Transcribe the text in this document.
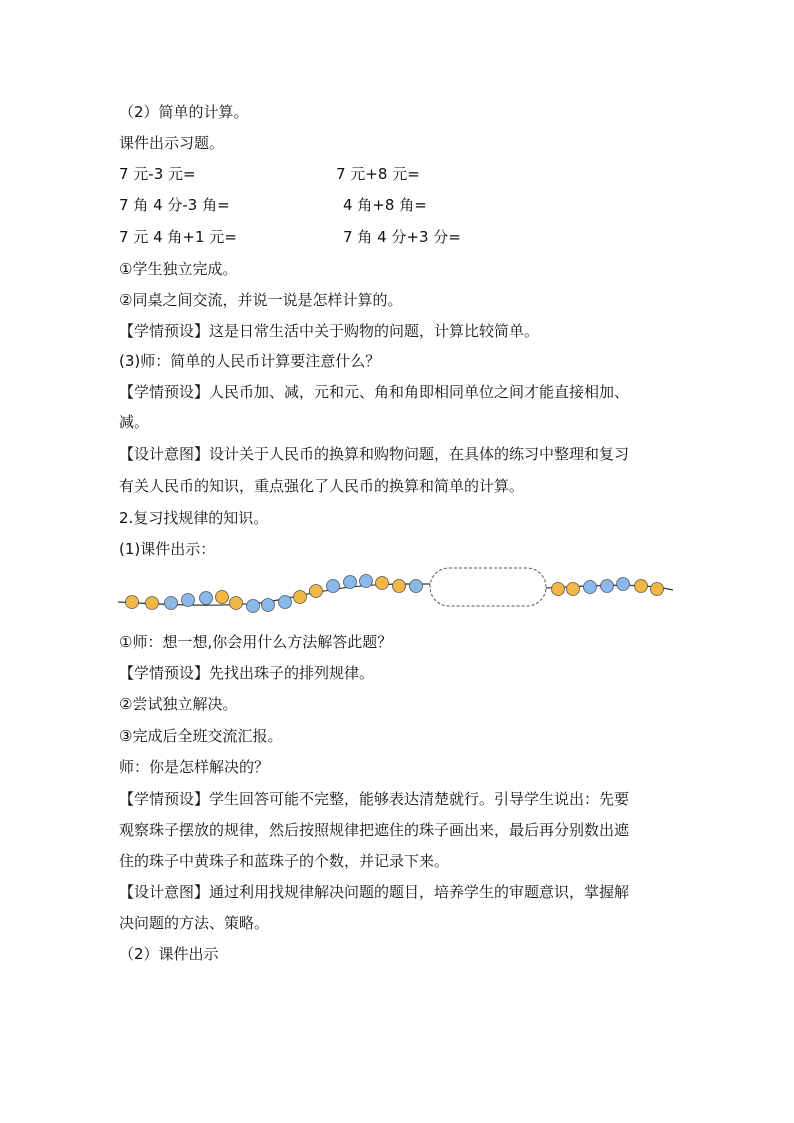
（2）简单的计算。
课件出示习题。
7 元-3 元=	7 元+8 元=
7 角 4 分-3 角=	4 角+8 角=
7 元 4 角+1 元=	7 角 4 分+3 分=
①学生独立完成。
②同桌之间交流，并说一说是怎样计算的。
【学情预设】这是日常生活中关于购物的问题，计算比较简单。
(3)师：简单的人民币计算要注意什么？
【学情预设】人民币加、减，元和元、角和角即相同单位之间才能直接相加、
减。
【设计意图】设计关于人民币的换算和购物问题，在具体的练习中整理和复习
有关人民币的知识，重点强化了人民币的换算和简单的计算。
2.复习找规律的知识。
(1)课件出示：
①师：想一想,你会用什么方法解答此题？
【学情预设】先找出珠子的排列规律。
②尝试独立解决。
③完成后全班交流汇报。
师：你是怎样解决的？
【学情预设】学生回答可能不完整，能够表达清楚就行。引导学生说出：先要
观察珠子摆放的规律，然后按照规律把遮住的珠子画出来，最后再分别数出遮
住的珠子中黄珠子和蓝珠子的个数，并记录下来。
【设计意图】通过利用找规律解决问题的题目，培养学生的审题意识，掌握解
决问题的方法、策略。
（2）课件出示
